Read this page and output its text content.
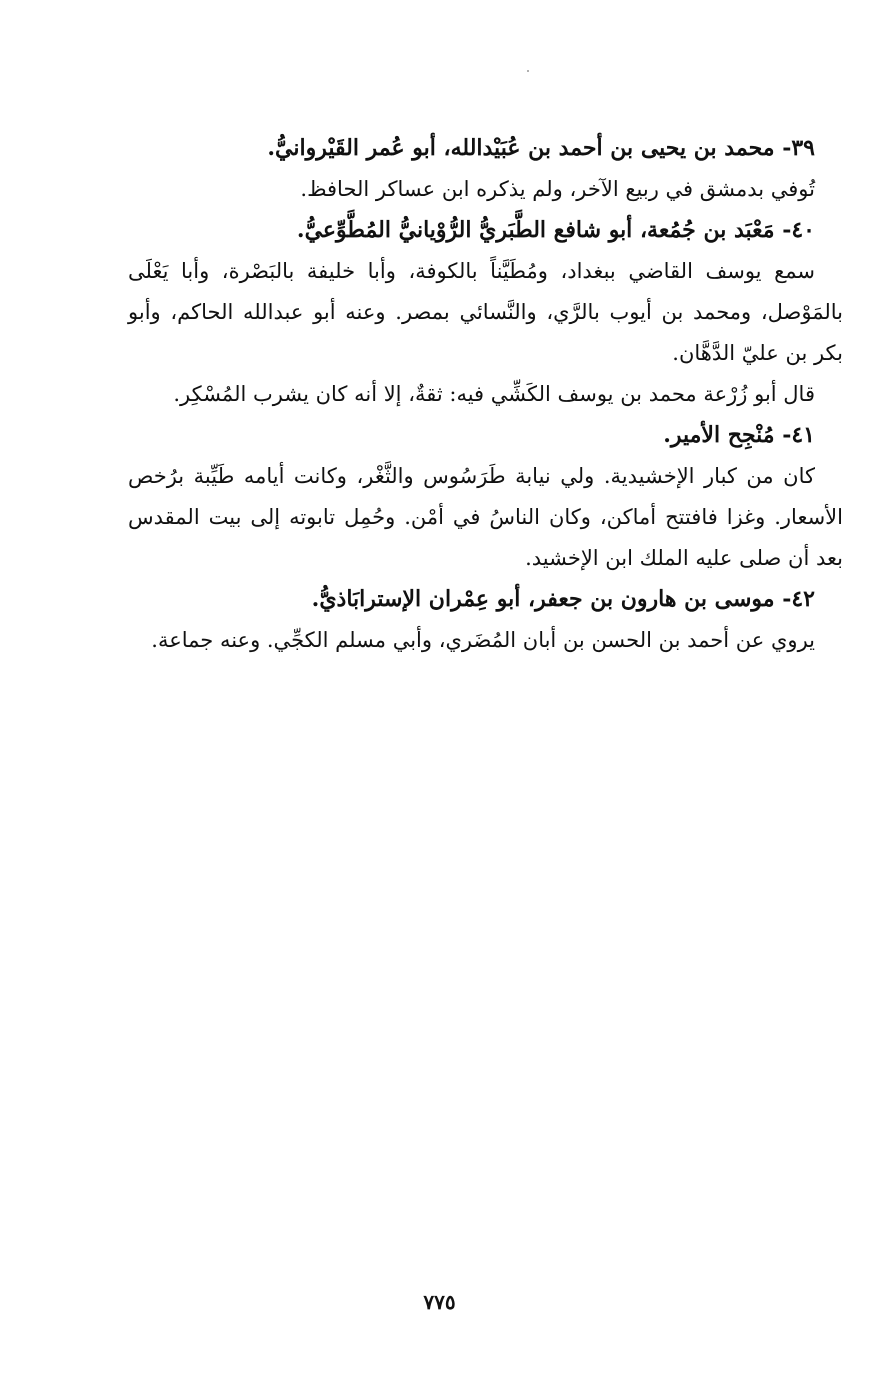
٣٩- محمد بن يحيى بن أحمد بن عُبَيْدالله، أبو عُمر القَيْروانيُّ.

تُوفي بدمشق في ربيع الآخر، ولم يذكره ابن عساكر الحافظ.

٤٠- مَعْبَد بن جُمُعة، أبو شافع الطَّبَريُّ الرُّوْيانيُّ المُطَّوِّعيُّ.

سمع يوسف القاضي ببغداد، ومُطَيَّناً بالكوفة، وأبا خليفة بالبَصْرة، وأبا يَعْلَى بالمَوْصل، ومحمد بن أيوب بالرَّي، والنَّسائي بمصر. وعنه أبو عبدالله الحاكم، وأبو بكر بن عليّ الدَّهَّان.

قال أبو زُرْعة محمد بن يوسف الكَشِّي فيه: ثقةٌ، إلا أنه كان يشرب المُسْكِر.

٤١- مُنْجِح الأمير.

كان من كبار الإخشيدية. ولي نيابة طَرَسُوس والثَّغْر، وكانت أيامه طَيِّبة برُخص الأسعار. وغزا فافتتح أماكن، وكان الناسُ في أمْن. وحُمِل تابوته إلى بيت المقدس بعد أن صلى عليه الملك ابن الإخشيد.

٤٢- موسى بن هارون بن جعفر، أبو عِمْران الإسترابَاذيُّ.

يروي عن أحمد بن الحسن بن أبان المُضَري، وأبي مسلم الكجِّي. وعنه جماعة.

٧٧٥
